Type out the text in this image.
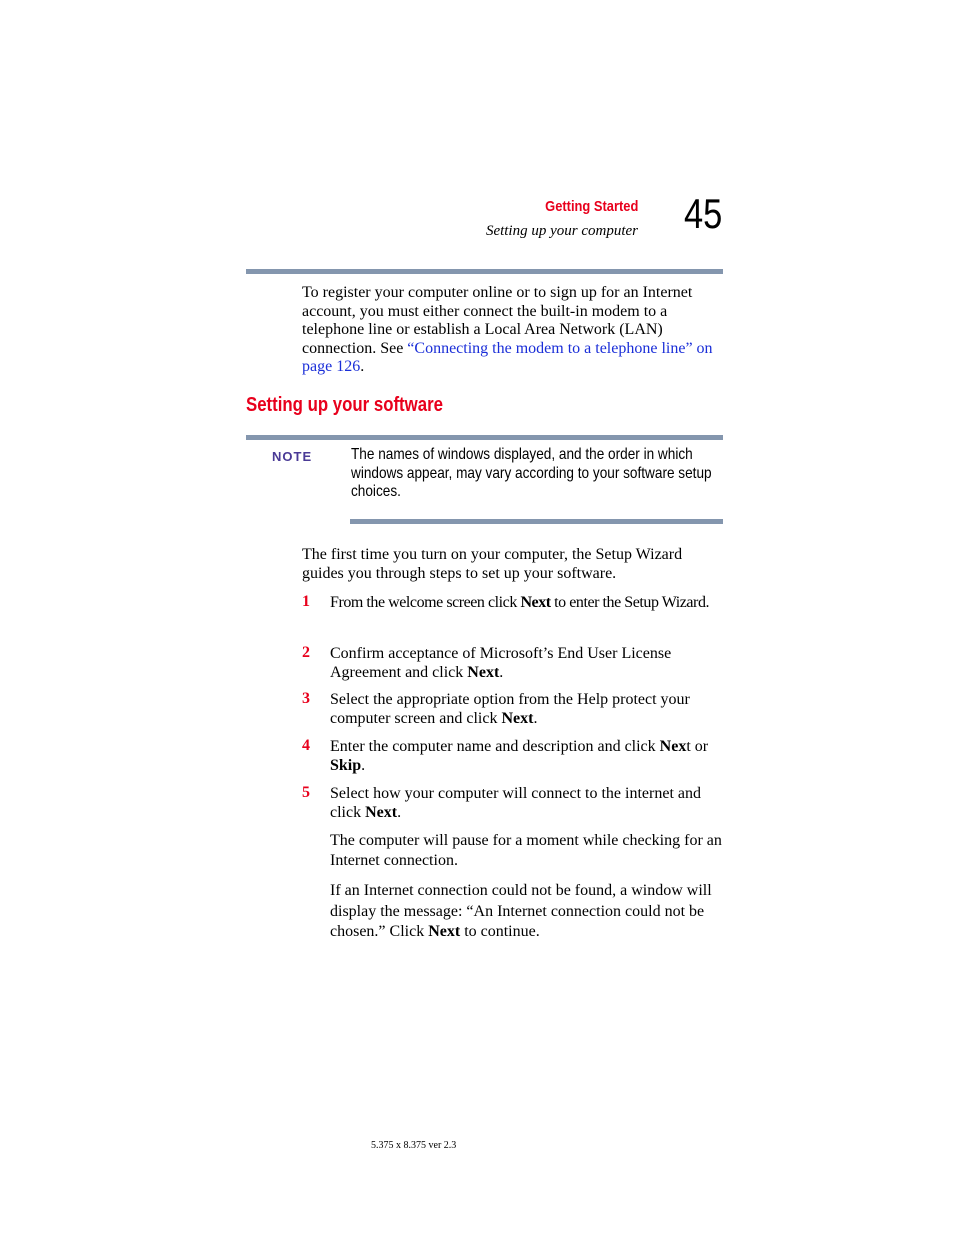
Getting Started
Setting up your computer 45

To register your computer online or to sign up for an Internet account, you must either connect the built-in modem to a telephone line or establish a Local Area Network (LAN) connection. See “Connecting the modem to a telephone line” on page 126.

Setting up your software
NOTE The names of windows displayed, and the order in which windows appear, may vary according to your software setup choices.

The first time you turn on your computer, the Setup Wizard guides you through steps to set up your software.

1 From the welcome screen click Next to enter the Setup Wizard.
2 Confirm acceptance of Microsoft’s End User License Agreement and click Next.
3 Select the appropriate option from the Help protect your computer screen and click Next.
4 Enter the computer name and description and click Next or Skip.
5 Select how your computer will connect to the internet and click Next.
The computer will pause for a moment while checking for an Internet connection.
If an Internet connection could not be found, a window will display the message: “An Internet connection could not be chosen.” Click Next to continue.
5.375 x 8.375 ver 2.3
